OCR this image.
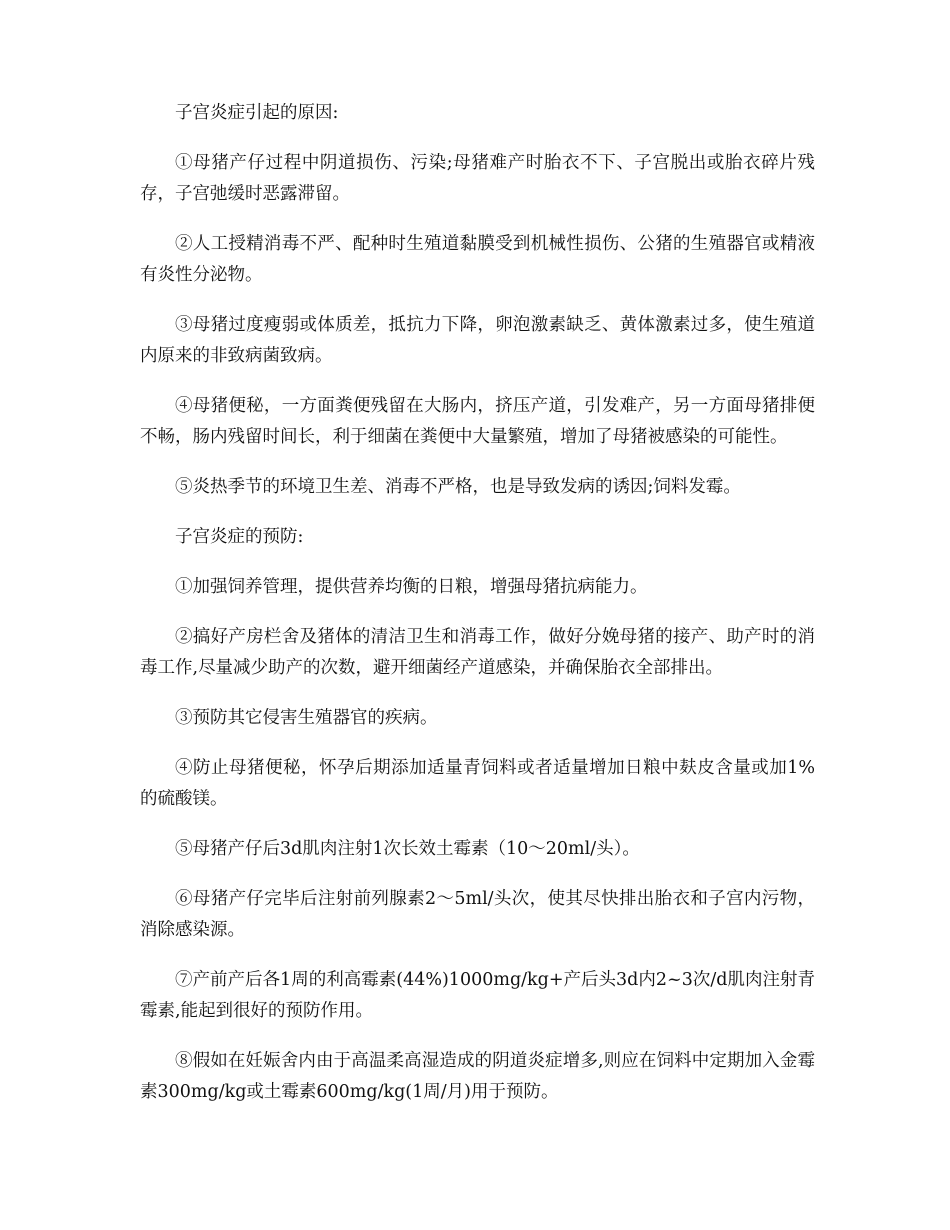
子宫炎症引起的原因:

①母猪产仔过程中阴道损伤、污染;母猪难产时胎衣不下、子宫脱出或胎衣碎片残存，子宫弛缓时恶露滞留。

②人工授精消毒不严、配种时生殖道黏膜受到机械性损伤、公猪的生殖器官或精液有炎性分泌物。

③母猪过度瘦弱或体质差，抵抗力下降，卵泡激素缺乏、黄体激素过多，使生殖道内原来的非致病菌致病。

④母猪便秘，一方面粪便残留在大肠内，挤压产道，引发难产，另一方面母猪排便不畅，肠内残留时间长，利于细菌在粪便中大量繁殖，增加了母猪被感染的可能性。

⑤炎热季节的环境卫生差、消毒不严格，也是导致发病的诱因;饲料发霉。

子宫炎症的预防:

①加强饲养管理，提供营养均衡的日粮，增强母猪抗病能力。

②搞好产房栏舍及猪体的清洁卫生和消毒工作，做好分娩母猪的接产、助产时的消毒工作,尽量减少助产的次数，避开细菌经产道感染，并确保胎衣全部排出。

③预防其它侵害生殖器官的疾病。

④防止母猪便秘，怀孕后期添加适量青饲料或者适量增加日粮中麸皮含量或加1%的硫酸镁。

⑤母猪产仔后3d肌肉注射1次长效土霉素（10～20ml/头）。

⑥母猪产仔完毕后注射前列腺素2～5ml/头次，使其尽快排出胎衣和子宫内污物，消除感染源。

⑦产前产后各1周的利高霉素(44%)1000mg/kg+产后头3d内2~3次/d肌肉注射青霉素,能起到很好的预防作用。

⑧假如在妊娠舍内由于高温柔高湿造成的阴道炎症增多,则应在饲料中定期加入金霉素300mg/kg或土霉素600mg/kg(1周/月)用于预防。
